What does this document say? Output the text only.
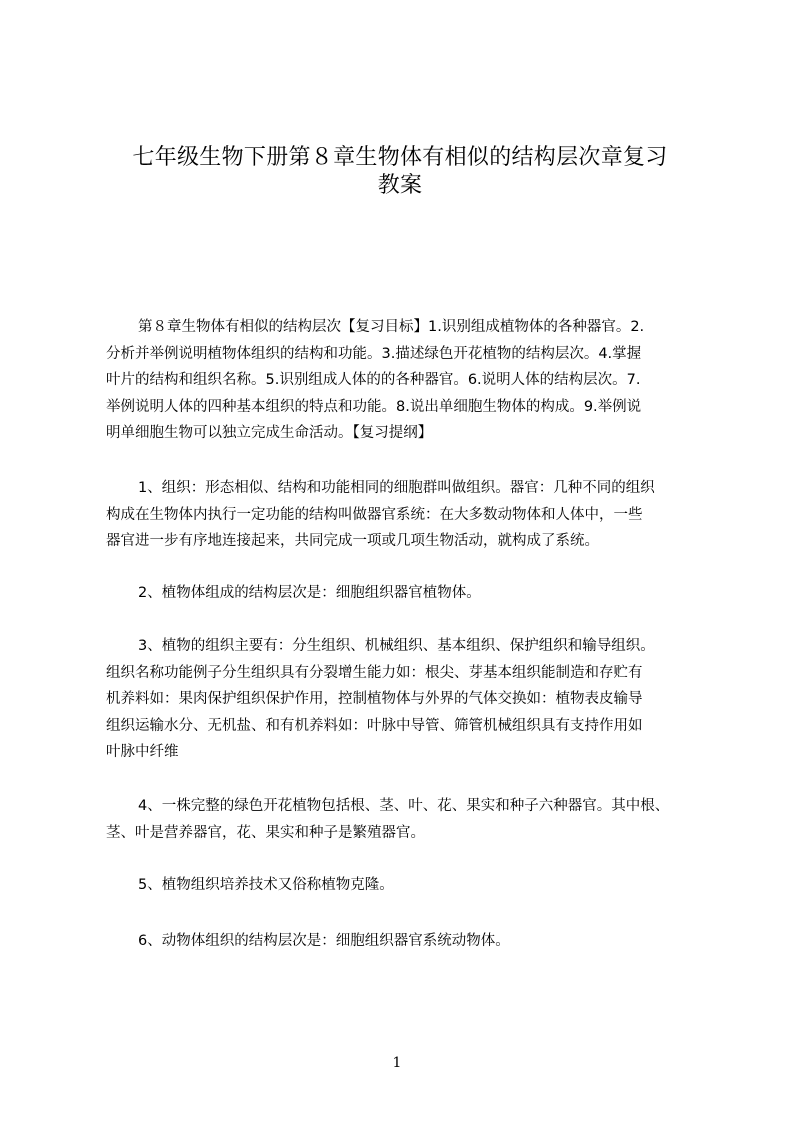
七年级生物下册第８章生物体有相似的结构层次章复习
教案
第８章生物体有相似的结构层次【复习目标】1.识别组成植物体的各种器官。2.
分析并举例说明植物体组织的结构和功能。3.描述绿色开花植物的结构层次。4.掌握
叶片的结构和组织名称。5.识别组成人体的的各种器官。6.说明人体的结构层次。7.
举例说明人体的四种基本组织的特点和功能。8.说出单细胞生物体的构成。9.举例说
明单细胞生物可以独立完成生命活动。【复习提纲】
1、组织：形态相似、结构和功能相同的细胞群叫做组织。器官：几种不同的组织
构成在生物体内执行一定功能的结构叫做器官系统：在大多数动物体和人体中，一些
器官进一步有序地连接起来，共同完成一项或几项生物活动，就构成了系统。
2、植物体组成的结构层次是：细胞组织器官植物体。
3、植物的组织主要有：分生组织、机械组织、基本组织、保护组织和输导组织。
组织名称功能例子分生组织具有分裂增生能力如：根尖、芽基本组织能制造和存贮有
机养料如：果肉保护组织保护作用，控制植物体与外界的气体交换如：植物表皮输导
组织运输水分、无机盐、和有机养料如：叶脉中导管、筛管机械组织具有支持作用如
叶脉中纤维
4、一株完整的绿色开花植物包括根、茎、叶、花、果实和种子六种器官。其中根、
茎、叶是营养器官，花、果实和种子是繁殖器官。
5、植物组织培养技术又俗称植物克隆。
6、动物体组织的结构层次是：细胞组织器官系统动物体。
1
